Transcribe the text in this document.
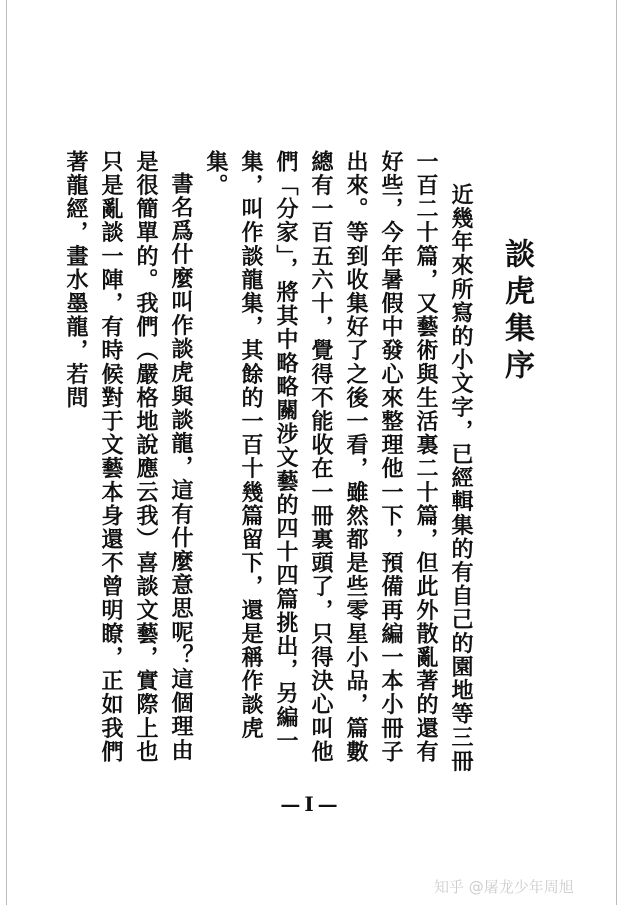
談虎集序

近幾年來所寫的小文字，已經輯集的有自己的園地等三冊一百二十篇，又藝術與生活裏二十篇，但此外散亂著的還有好些，今年暑假中發心來整理他一下，預備再編一本小冊子出來。等到收集好了之後一看，雖然都是些零星小品，篇數總有一百五六十，覺得不能收在一冊裏頭了，只得決心叫他們「分家」，將其中略略關涉文藝的四十四篇挑出，另編一集，叫作談龍集，其餘的一百十幾篇留下，還是稱作談虎集。

書名爲什麼叫作談虎與談龍，這有什麼意思呢？這個理由是很簡單的。我們（嚴格地說應云我）喜談文藝，實際上也只是亂談一陣，有時候對于文藝本身還不曾明瞭，正如我們著龍經，畫水墨龍，若問

—I—
知乎 @屠龙少年周旭
